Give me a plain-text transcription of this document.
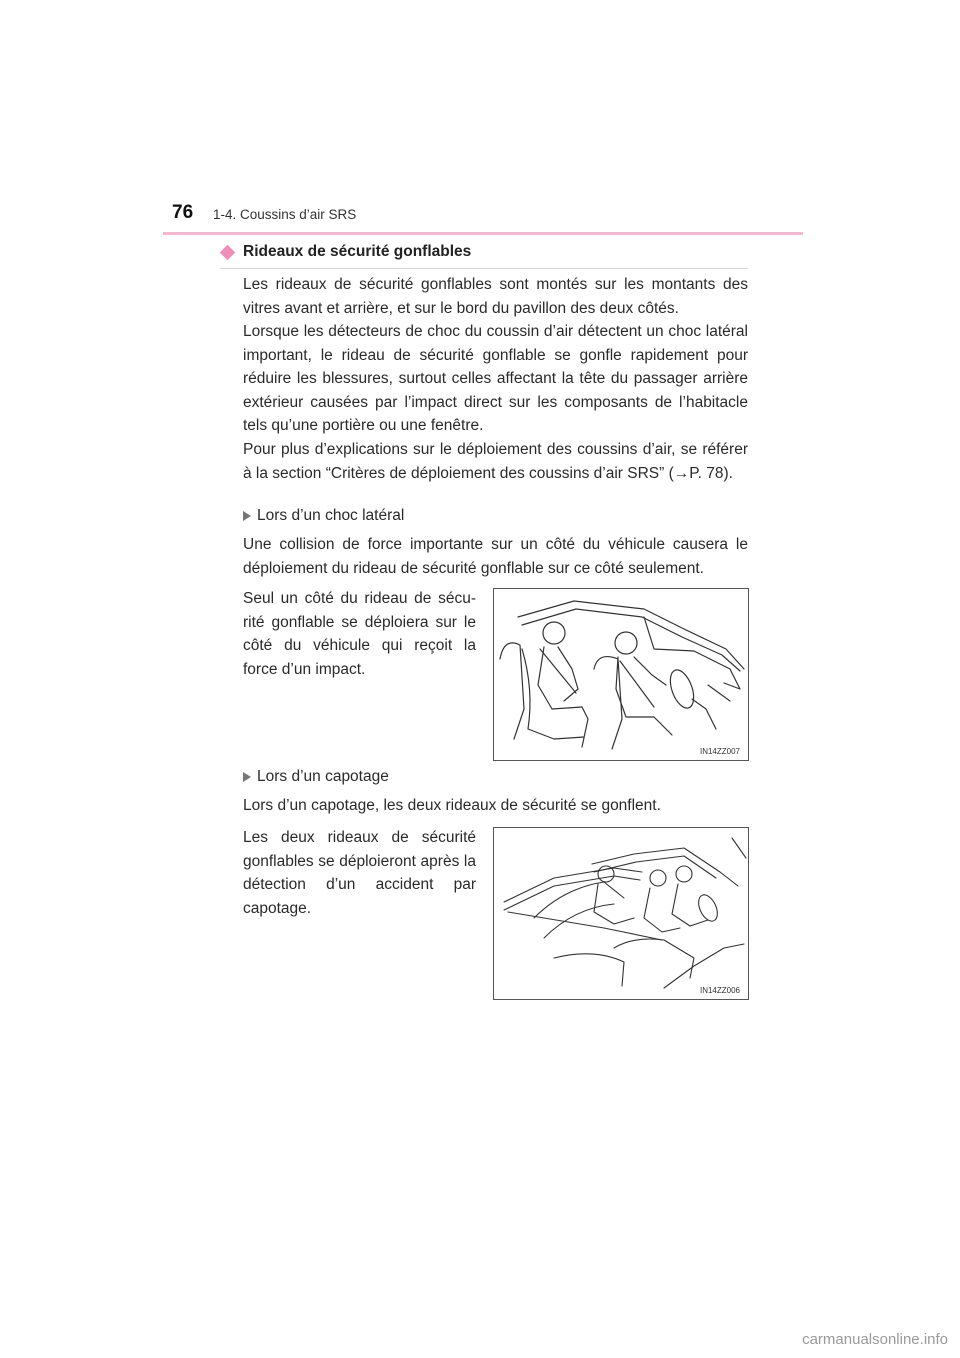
76 1-4. Coussins d’air SRS
Rideaux de sécurité gonflables

Les rideaux de sécurité gonflables sont montés sur les montants des vitres avant et arrière, et sur le bord du pavillon des deux côtés.

Lorsque les détecteurs de choc du coussin d’air détectent un choc latéral important, le rideau de sécurité gonflable se gonfle rapidement pour réduire les blessures, surtout celles affectant la tête du passager arrière extérieur causées par l’impact direct sur les composants de l’habitacle tels qu’une portière ou une fenêtre.

Pour plus d’explications sur le déploiement des coussins d’air, se référer à la section “Critères de déploiement des coussins d’air SRS” (→P. 78).

Lors d’un choc latéral

Une collision de force importante sur un côté du véhicule causera le déploiement du rideau de sécurité gonflable sur ce côté seulement.

Seul un côté du rideau de sécurité gonflable se déploiera sur le côté du véhicule qui reçoit la force d’un impact.

IN14ZZ007
Lors d’un capotage

Lors d’un capotage, les deux rideaux de sécurité se gonflent.

Les deux rideaux de sécurité gonflables se déploieront après la détection d’un accident par capotage.

IN14ZZ006
carmanualsonline.info
